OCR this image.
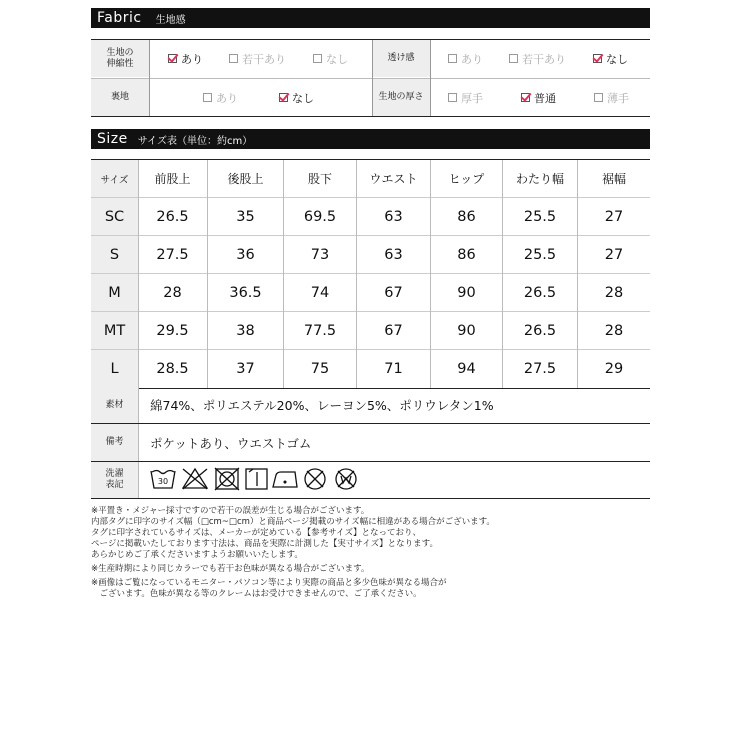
Fabric 生地感
生地の
伸縮性	あり	若干あり	なし	透け感	あり	若干あり	なし
裏地	あり	なし	生地の厚さ	厚手	普通	薄手
Size サイズ表（単位：約cm）
サイズ	前股上	後股上	股下	ウエスト	ヒップ	わたり幅	裾幅
SC	26.5	35	69.5	63	86	25.5	27
S	27.5	36	73	63	86	25.5	27
M	28	36.5	74	67	90	26.5	28
MT	29.5	38	77.5	67	90	26.5	28
L	28.5	37	75	71	94	27.5	29
素材	綿74%、ポリエステル20%、レーヨン5%、ポリウレタン1%
備考	ポケットあり、ウエストゴム
洗濯
表記	30
※平置き・メジャー採寸ですので若干の誤差が生じる場合がございます。
内部タグに印字のサイズ幅（□cm~□cm）と商品ページ掲載のサイズ幅に相違がある場合がございます。
タグに印字されているサイズは、メーカーが定めている【参考サイズ】となっており、
ページに掲載いたしております寸法は、商品を実際に計測した【実寸サイズ】となります。
あらかじめご了承くださいますようお願いいたします。
※生産時期により同じカラーでも若干お色味が異なる場合がございます。
※画像はご覧になっているモニター・パソコン等により実際の商品と多少色味が異なる場合が
　ございます。色味が異なる等のクレームはお受けできませんので、ご了承ください。
